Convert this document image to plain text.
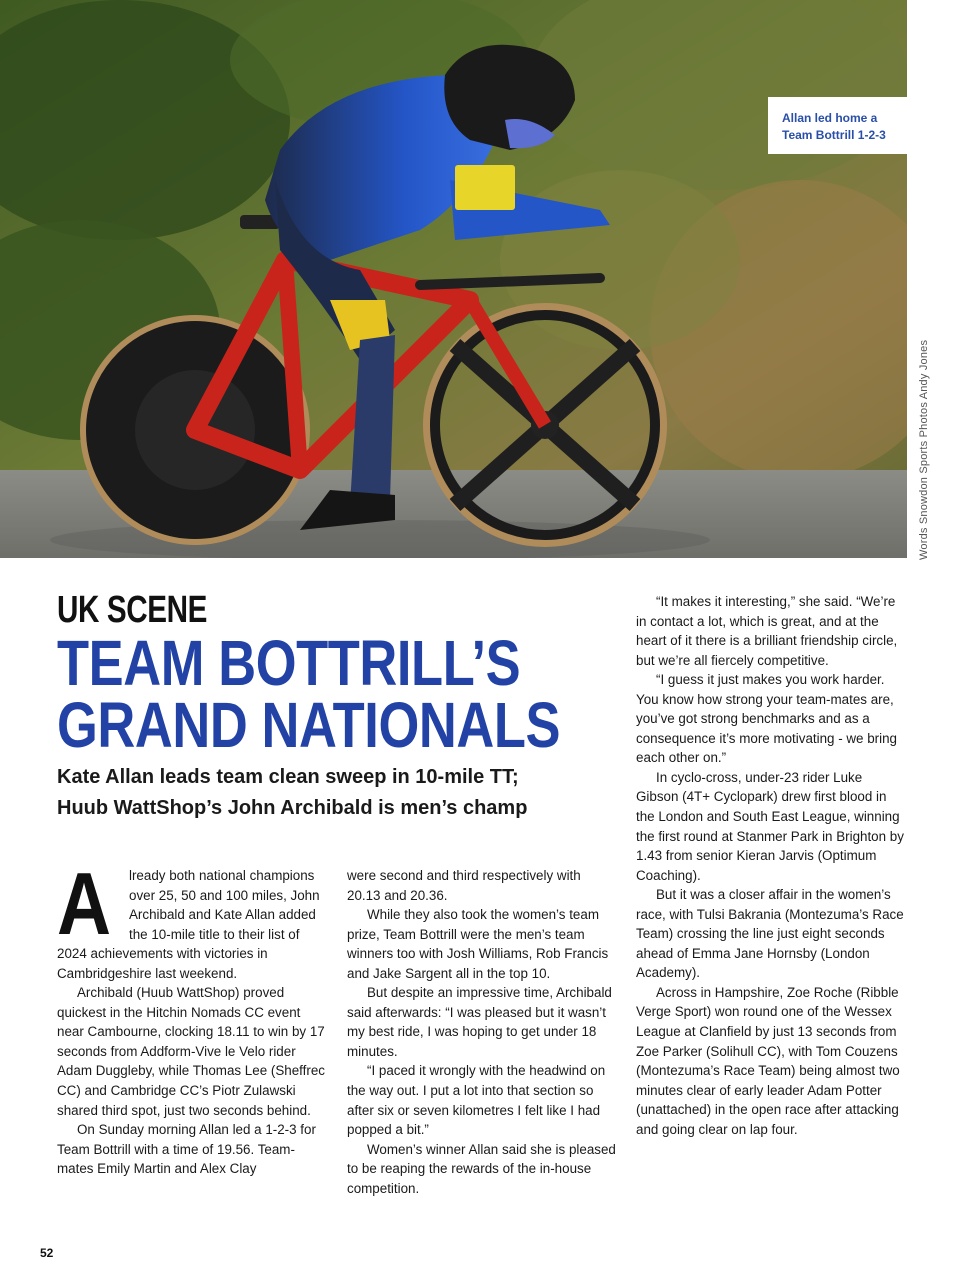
Allan led home a Team Bottrill 1-2-3
Words Snowdon Sports Photos Andy Jones
UK SCENE
TEAM BOTTRILL’S
GRAND NATIONALS

Kate Allan leads team clean sweep in 10-mile TT;
Huub WattShop’s John Archibald is men’s champ

A lready both national champions over 25, 50 and 100 miles, John Archibald and Kate Allan added the 10-mile title to their list of 2024 achievements with victories in Cambridgeshire last weekend.

Archibald (Huub WattShop) proved quickest in the Hitchin Nomads CC event near Cambourne, clocking 18.11 to win by 17 seconds from Addform-Vive le Velo rider Adam Duggleby, while Thomas Lee (Sheffrec CC) and Cambridge CC’s Piotr Zulawski shared third spot, just two seconds behind.

On Sunday morning Allan led a 1-2-3 for Team Bottrill with a time of 19.56. Team-mates Emily Martin and Alex Clay

were second and third respectively with 20.13 and 20.36.

While they also took the women’s team prize, Team Bottrill were the men’s team winners too with Josh Williams, Rob Francis and Jake Sargent all in the top 10.

But despite an impressive time, Archibald said afterwards: “I was pleased but it wasn’t my best ride, I was hoping to get under 18 minutes.

“I paced it wrongly with the headwind on the way out. I put a lot into that section so after six or seven kilometres I felt like I had popped a bit.”

Women’s winner Allan said she is pleased to be reaping the rewards of the in-house competition.

“It makes it interesting,” she said. “We’re in contact a lot, which is great, and at the heart of it there is a brilliant friendship circle, but we’re all fiercely competitive.

“I guess it just makes you work harder. You know how strong your team-mates are, you’ve got strong benchmarks and as a consequence it’s more motivating - we bring each other on.”

In cyclo-cross, under-23 rider Luke Gibson (4T+ Cyclopark) drew first blood in the London and South East League, winning the first round at Stanmer Park in Brighton by 1.43 from senior Kieran Jarvis (Optimum Coaching).

But it was a closer affair in the women’s race, with Tulsi Bakrania (Montezuma’s Race Team) crossing the line just eight seconds ahead of Emma Jane Hornsby (London Academy).

Across in Hampshire, Zoe Roche (Ribble Verge Sport) won round one of the Wessex League at Clanfield by just 13 seconds from Zoe Parker (Solihull CC), with Tom Couzens (Montezuma’s Race Team) being almost two minutes clear of early leader Adam Potter (unattached) in the open race after attacking and going clear on lap four.

52
